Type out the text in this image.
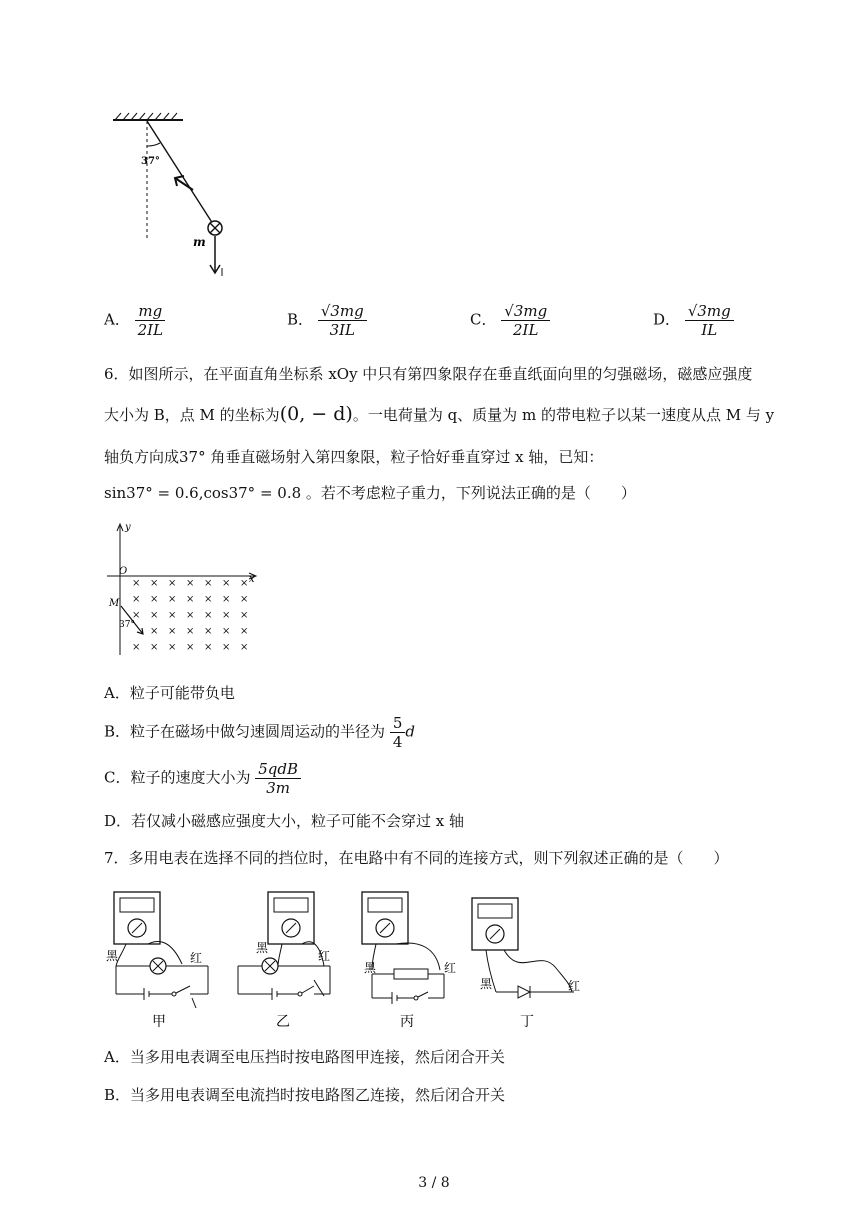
37°
m
A． $\frac{mg}{2IL}$	B． $\frac{√3mg}{3IL}$	C． $\frac{√3mg}{2IL}$	D． $\frac{√3mg}{IL}$
6．如图所示，在平面直角坐标系 xOy 中只有第四象限存在垂直纸面向里的匀强磁场，磁感应强度
大小为 B，点 M 的坐标为(0, − d)。一电荷量为 q、质量为 m 的带电粒子以某一速度从点 M 与 y
轴负方向成37° 角垂直磁场射入第四象限，粒子恰好垂直穿过 x 轴，已知：
sin37° = 0.6,cos37° = 0.8 。若不考虑粒子重力，下列说法正确的是（　　）
y
x
O
M
37°
× × × × × × ×
× × × × × × ×
× × × × × × ×
× × × × × ×
× × × × × × ×
A．粒子可能带负电
B．粒子在磁场中做匀速圆周运动的半径为 $\frac{5}{4}$ d
C．粒子的速度大小为 $\frac{\text{5qdB}}{3m}$
D．若仅减小磁感应强度大小，粒子可能不会穿过 x 轴
7．多用电表在选择不同的挡位时，在电路中有不同的连接方式，则下列叙述正确的是（　　）
黑	红
甲
黑
红
乙
黑	红
丙
黑	红
丁
A．当多用电表调至电压挡时按电路图甲连接，然后闭合开关
B．当多用电表调至电流挡时按电路图乙连接，然后闭合开关
3 / 8
